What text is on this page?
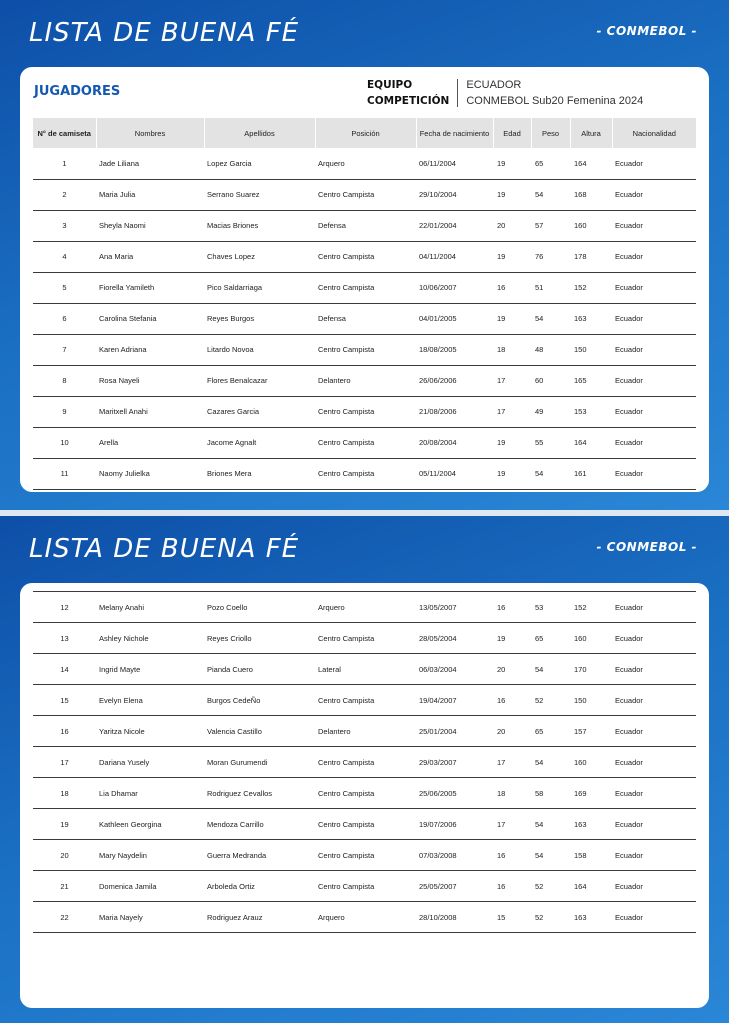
LISTA DE BUENA FÉ	- CONMEBOL -
JUGADORES	EQUIPO
COMPETICIÓN
ECUADOR
CONMEBOL Sub20 Femenina 2024
N° de camiseta	Nombres	Apellidos	Posición	Fecha de nacimiento	Edad	Peso	Altura	Nacionalidad
1	Jade Liliana	Lopez Garcia	Arquero	06/11/2004	19	65	164	Ecuador
2	Maria Julia	Serrano Suarez	Centro Campista	29/10/2004	19	54	168	Ecuador
3	Sheyla Naomi	Macias Briones	Defensa	22/01/2004	20	57	160	Ecuador
4	Ana Maria	Chaves Lopez	Centro Campista	04/11/2004	19	76	178	Ecuador
5	Fiorella Yamileth	Pico Saldarriaga	Centro Campista	10/06/2007	16	51	152	Ecuador
6	Carolina Stefania	Reyes Burgos	Defensa	04/01/2005	19	54	163	Ecuador
7	Karen Adriana	Litardo Novoa	Centro Campista	18/08/2005	18	48	150	Ecuador
8	Rosa Nayeli	Flores Benalcazar	Delantero	26/06/2006	17	60	165	Ecuador
9	Maritxell Anahi	Cazares Garcia	Centro Campista	21/08/2006	17	49	153	Ecuador
10	Arella	Jacome Agnalt	Centro Campista	20/08/2004	19	55	164	Ecuador
11	Naomy Julielka	Briones Mera	Centro Campista	05/11/2004	19	54	161	Ecuador
LISTA DE BUENA FÉ	- CONMEBOL -
12	Melany Anahi	Pozo Coello	Arquero	13/05/2007	16	53	152	Ecuador
13	Ashley Nichole	Reyes Criollo	Centro Campista	28/05/2004	19	65	160	Ecuador
14	Ingrid Mayte	Pianda Cuero	Lateral	06/03/2004	20	54	170	Ecuador
15	Evelyn Elena	Burgos CedeÑo	Centro Campista	19/04/2007	16	52	150	Ecuador
16	Yaritza Nicole	Valencia Castillo	Delantero	25/01/2004	20	65	157	Ecuador
17	Dariana Yusely	Moran Gurumendi	Centro Campista	29/03/2007	17	54	160	Ecuador
18	Lia Dhamar	Rodriguez Cevallos	Centro Campista	25/06/2005	18	58	169	Ecuador
19	Kathleen Georgina	Mendoza Carrillo	Centro Campista	19/07/2006	17	54	163	Ecuador
20	Mary Naydelin	Guerra Medranda	Centro Campista	07/03/2008	16	54	158	Ecuador
21	Domenica Jamila	Arboleda Ortiz	Centro Campista	25/05/2007	16	52	164	Ecuador
22	Maria Nayely	Rodriguez Arauz	Arquero	28/10/2008	15	52	163	Ecuador
